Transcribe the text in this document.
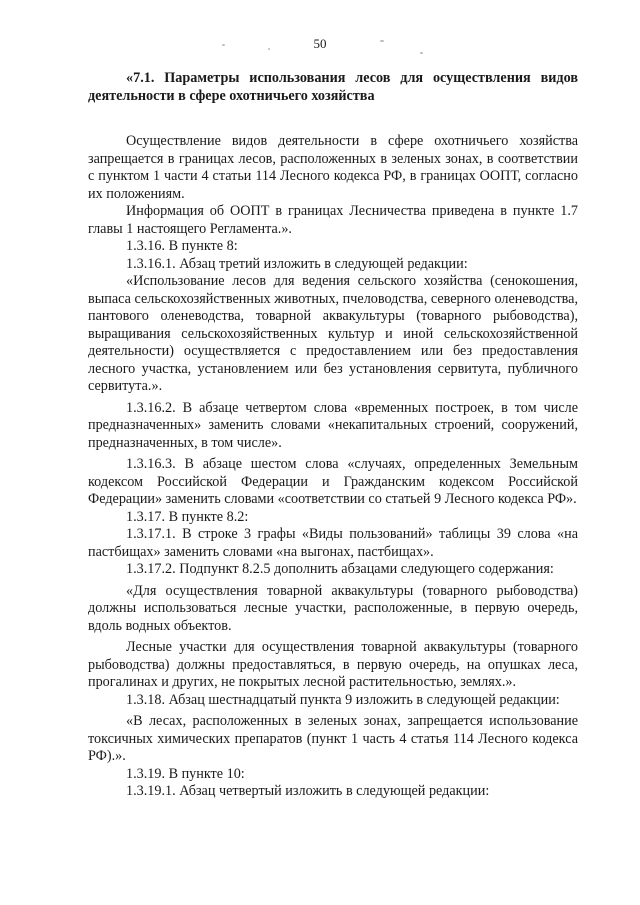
50

«7.1. Параметры использования лесов для осуществления видов деятельности в сфере охотничьего хозяйства

Осуществление видов деятельности в сфере охотничьего хозяйства запрещается в границах лесов, расположенных в зеленых зонах, в соответствии с пунктом 1 части 4 статьи 114 Лесного кодекса РФ, в границах ООПТ, согласно их положениям.

Информация об ООПТ в границах Лесничества приведена в пункте 1.7 главы 1 настоящего Регламента.».

1.3.16. В пункте 8:

1.3.16.1. Абзац третий изложить в следующей редакции:

«Использование лесов для ведения сельского хозяйства (сенокошения, выпаса сельскохозяйственных животных, пчеловодства, северного оленеводства, пантового оленеводства, товарной аквакультуры (товарного рыбоводства), выращивания сельскохозяйственных культур и иной сельскохозяйственной деятельности) осуществляется с предоставлением или без предоставления лесного участка, установлением или без установления сервитута, публичного сервитута.».

1.3.16.2. В абзаце четвертом слова «временных построек, в том числе предназначенных» заменить словами «некапитальных строений, сооружений, предназначенных, в том числе».

1.3.16.3. В абзаце шестом слова «случаях, определенных Земельным кодексом Российской Федерации и Гражданским кодексом Российской Федерации» заменить словами «соответствии со статьей 9 Лесного кодекса РФ».

1.3.17. В пункте 8.2:

1.3.17.1. В строке 3 графы «Виды пользований» таблицы 39 слова «на пастбищах» заменить словами «на выгонах, пастбищах».

1.3.17.2. Подпункт 8.2.5 дополнить абзацами следующего содержания:

«Для осуществления товарной аквакультуры (товарного рыбоводства) должны использоваться лесные участки, расположенные, в первую очередь, вдоль водных объектов.

Лесные участки для осуществления товарной аквакультуры (товарного рыбоводства) должны предоставляться, в первую очередь, на опушках леса, прогалинах и других, не покрытых лесной растительностью, землях.».

1.3.18. Абзац шестнадцатый пункта 9 изложить в следующей редакции:

«В лесах, расположенных в зеленых зонах, запрещается использование токсичных химических препаратов (пункт 1 часть 4 статья 114 Лесного кодекса РФ).».

1.3.19. В пункте 10:

1.3.19.1. Абзац четвертый изложить в следующей редакции:
